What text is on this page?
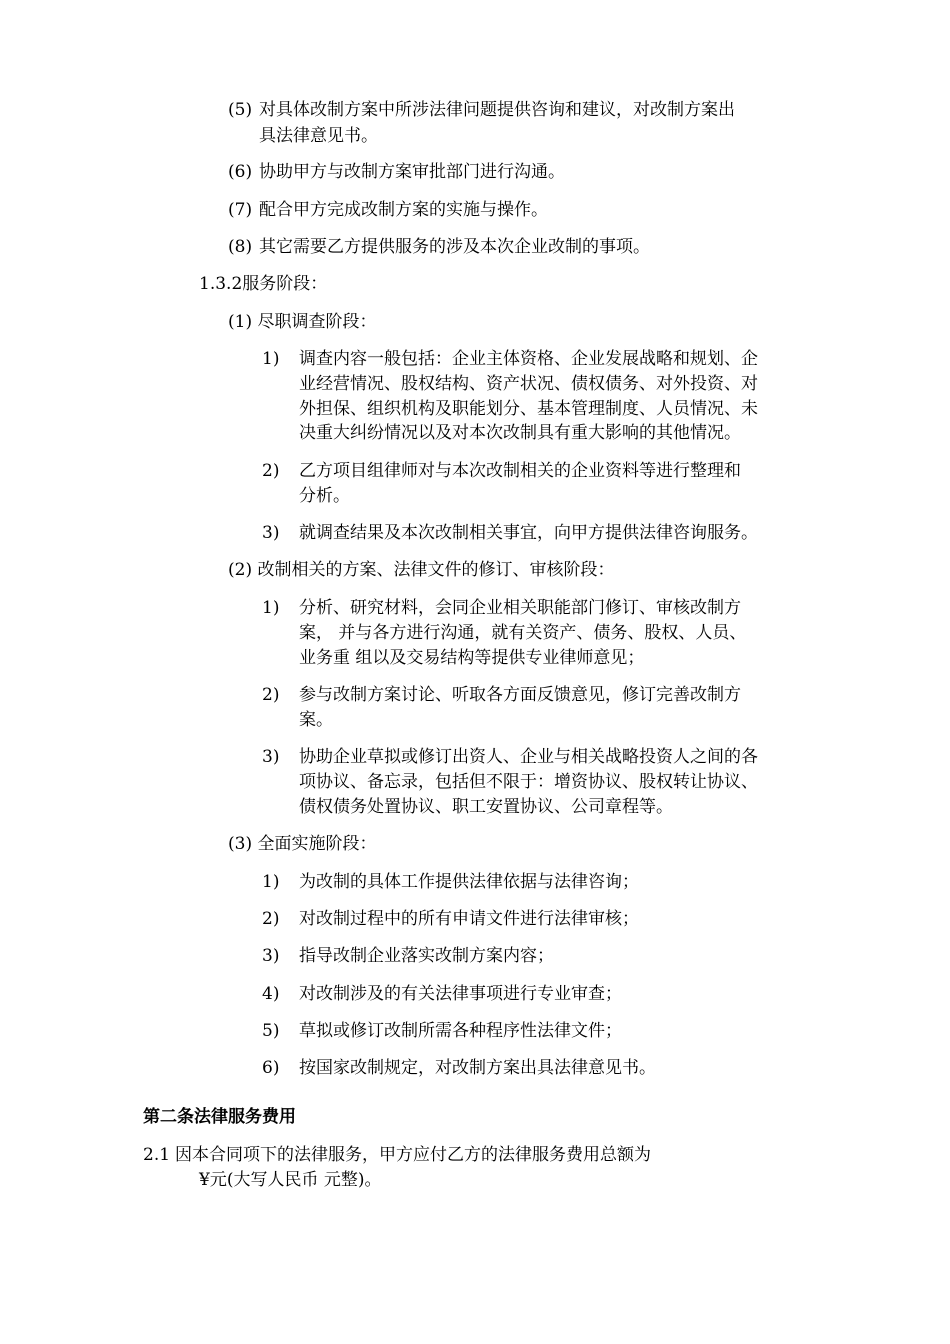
(5) 对具体改制方案中所涉法律问题提供咨询和建议，对改制方案出
具法律意见书。
(6) 协助甲方与改制方案审批部门进行沟通。
(7) 配合甲方完成改制方案的实施与操作。
(8) 其它需要乙方提供服务的涉及本次企业改制的事项。
1.3.2服务阶段：
(1) 尽职调查阶段：
1) 调查内容一般包括：企业主体资格、企业发展战略和规划、企
业经营情况、股权结构、资产状况、债权债务、对外投资、对
外担保、组织机构及职能划分、基本管理制度、人员情况、未
决重大纠纷情况以及对本次改制具有重大影响的其他情况。
2) 乙方项目组律师对与本次改制相关的企业资料等进行整理和
分析。
3) 就调查结果及本次改制相关事宜，向甲方提供法律咨询服务。
(2) 改制相关的方案、法律文件的修订、审核阶段：
1) 分析、研究材料，会同企业相关职能部门修订、审核改制方
案， 并与各方进行沟通，就有关资产、债务、股权、人员、
业务重 组以及交易结构等提供专业律师意见；
2) 参与改制方案讨论、听取各方面反馈意见，修订完善改制方
案。
3) 协助企业草拟或修订出资人、企业与相关战略投资人之间的各
项协议、备忘录，包括但不限于：增资协议、股权转让协议、
债权债务处置协议、职工安置协议、公司章程等。
(3) 全面实施阶段：
1) 为改制的具体工作提供法律依据与法律咨询；
2) 对改制过程中的所有申请文件进行法律审核；
3) 指导改制企业落实改制方案内容；
4) 对改制涉及的有关法律事项进行专业审查；
5) 草拟或修订改制所需各种程序性法律文件；
6) 按国家改制规定，对改制方案出具法律意见书。
第二条法律服务费用
2.1 因本合同项下的法律服务，甲方应付乙方的法律服务费用总额为
¥元(大写人民币 元整)。
